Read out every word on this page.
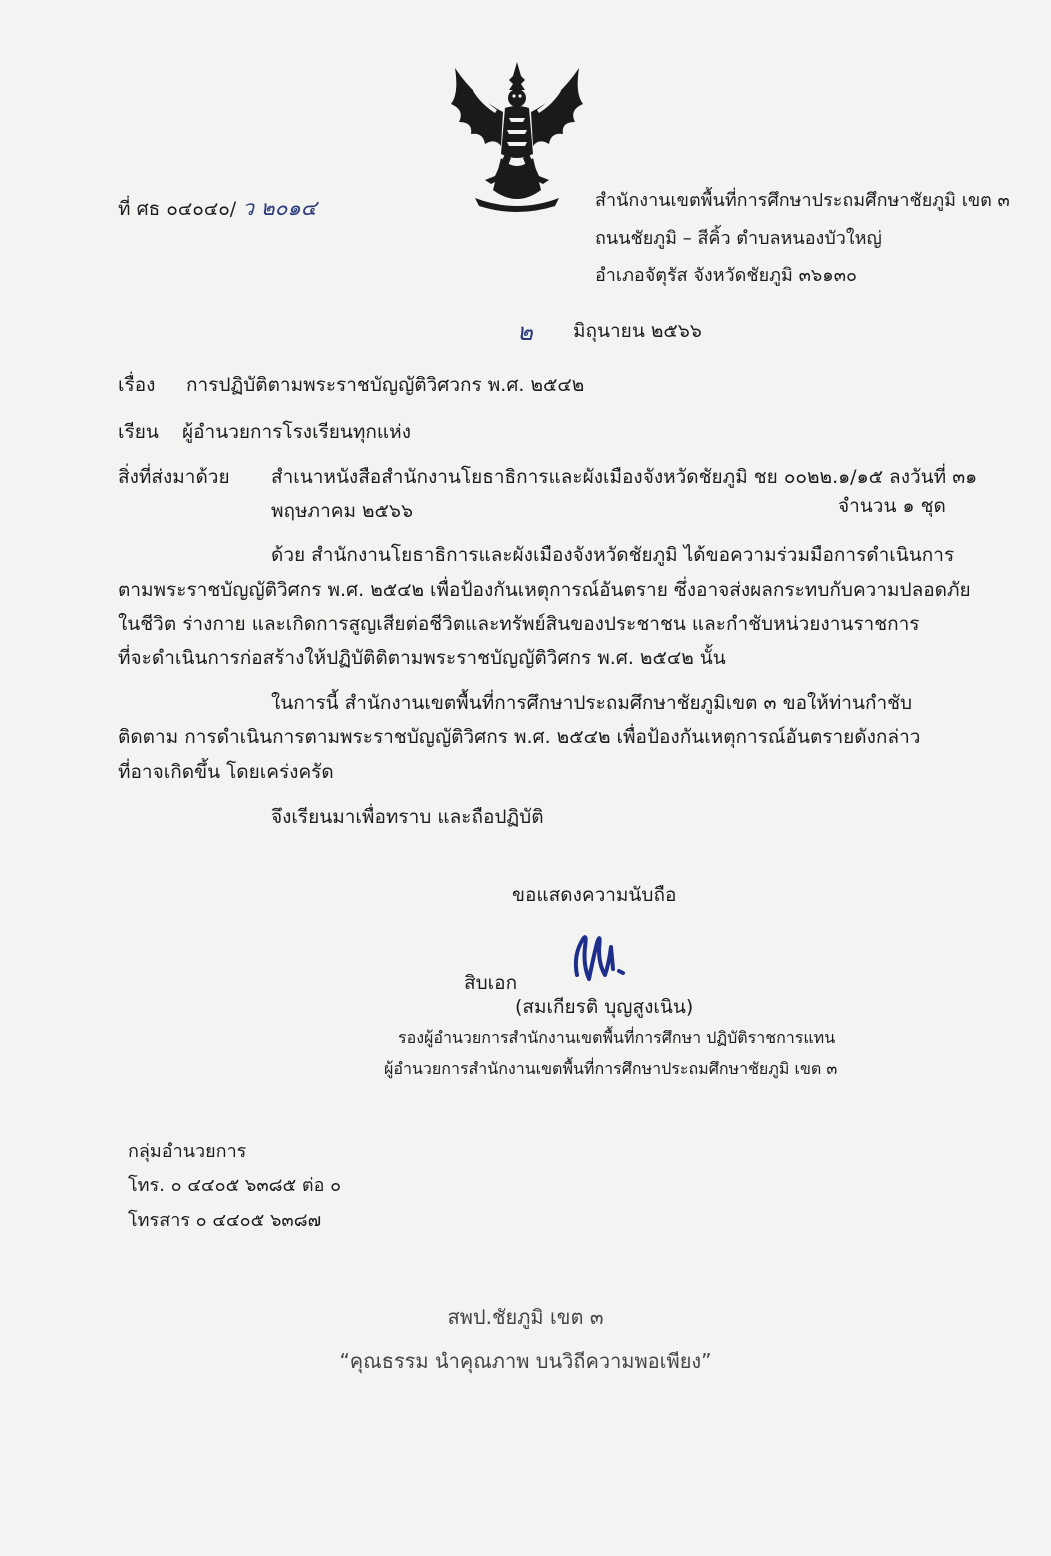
ที่ ศธ ๐๔๐๔๐/ ว ๒๐๑๔	สำนักงานเขตพื้นที่การศึกษาประถมศึกษาชัยภูมิ เขต ๓
ถนนชัยภูมิ – สีคิ้ว ตำบลหนองบัวใหญ่
อำเภอจัตุรัส จังหวัดชัยภูมิ ๓๖๑๓๐
๒ มิถุนายน ๒๕๖๖
เรื่อง การปฏิบัติตามพระราชบัญญัติวิศวกร พ.ศ. ๒๕๔๒
เรียน ผู้อำนวยการโรงเรียนทุกแห่ง
สิ่งที่ส่งมาด้วย สำเนาหนังสือสำนักงานโยธาธิการและผังเมืองจังหวัดชัยภูมิ ชย ๐๐๒๒.๑/๑๕ ลงวันที่ ๓๑
พฤษภาคม ๒๕๖๖	จำนวน ๑ ชุด
ด้วย สำนักงานโยธาธิการและผังเมืองจังหวัดชัยภูมิ ได้ขอความร่วมมือการดำเนินการ
ตามพระราชบัญญัติวิศกร พ.ศ. ๒๕๔๒ เพื่อป้องกันเหตุการณ์อันตราย ซึ่งอาจส่งผลกระทบกับความปลอดภัย
ในชีวิต ร่างกาย และเกิดการสูญเสียต่อชีวิตและทรัพย์สินของประชาชน และกำชับหน่วยงานราชการ
ที่จะดำเนินการก่อสร้างให้ปฏิบัติติตามพระราชบัญญัติวิศกร พ.ศ. ๒๕๔๒ นั้น
ในการนี้ สำนักงานเขตพื้นที่การศึกษาประถมศึกษาชัยภูมิเขต ๓ ขอให้ท่านกำชับ
ติดตาม การดำเนินการตามพระราชบัญญัติวิศกร พ.ศ. ๒๕๔๒ เพื่อป้องกันเหตุการณ์อันตรายดังกล่าว
ที่อาจเกิดขึ้น โดยเคร่งครัด
จึงเรียนมาเพื่อทราบ และถือปฏิบัติ
ขอแสดงความนับถือ
สิบเอก
(สมเกียรติ บุญสูงเนิน)
รองผู้อำนวยการสำนักงานเขตพื้นที่การศึกษา ปฏิบัติราชการแทน
ผู้อำนวยการสำนักงานเขตพื้นที่การศึกษาประถมศึกษาชัยภูมิ เขต ๓
กลุ่มอำนวยการ
โทร. ๐ ๔๔๐๕ ๖๓๘๕ ต่อ ๐
โทรสาร ๐ ๔๔๐๕ ๖๓๘๗
สพป.ชัยภูมิ เขต ๓
“คุณธรรม นำคุณภาพ บนวิถีความพอเพียง”
